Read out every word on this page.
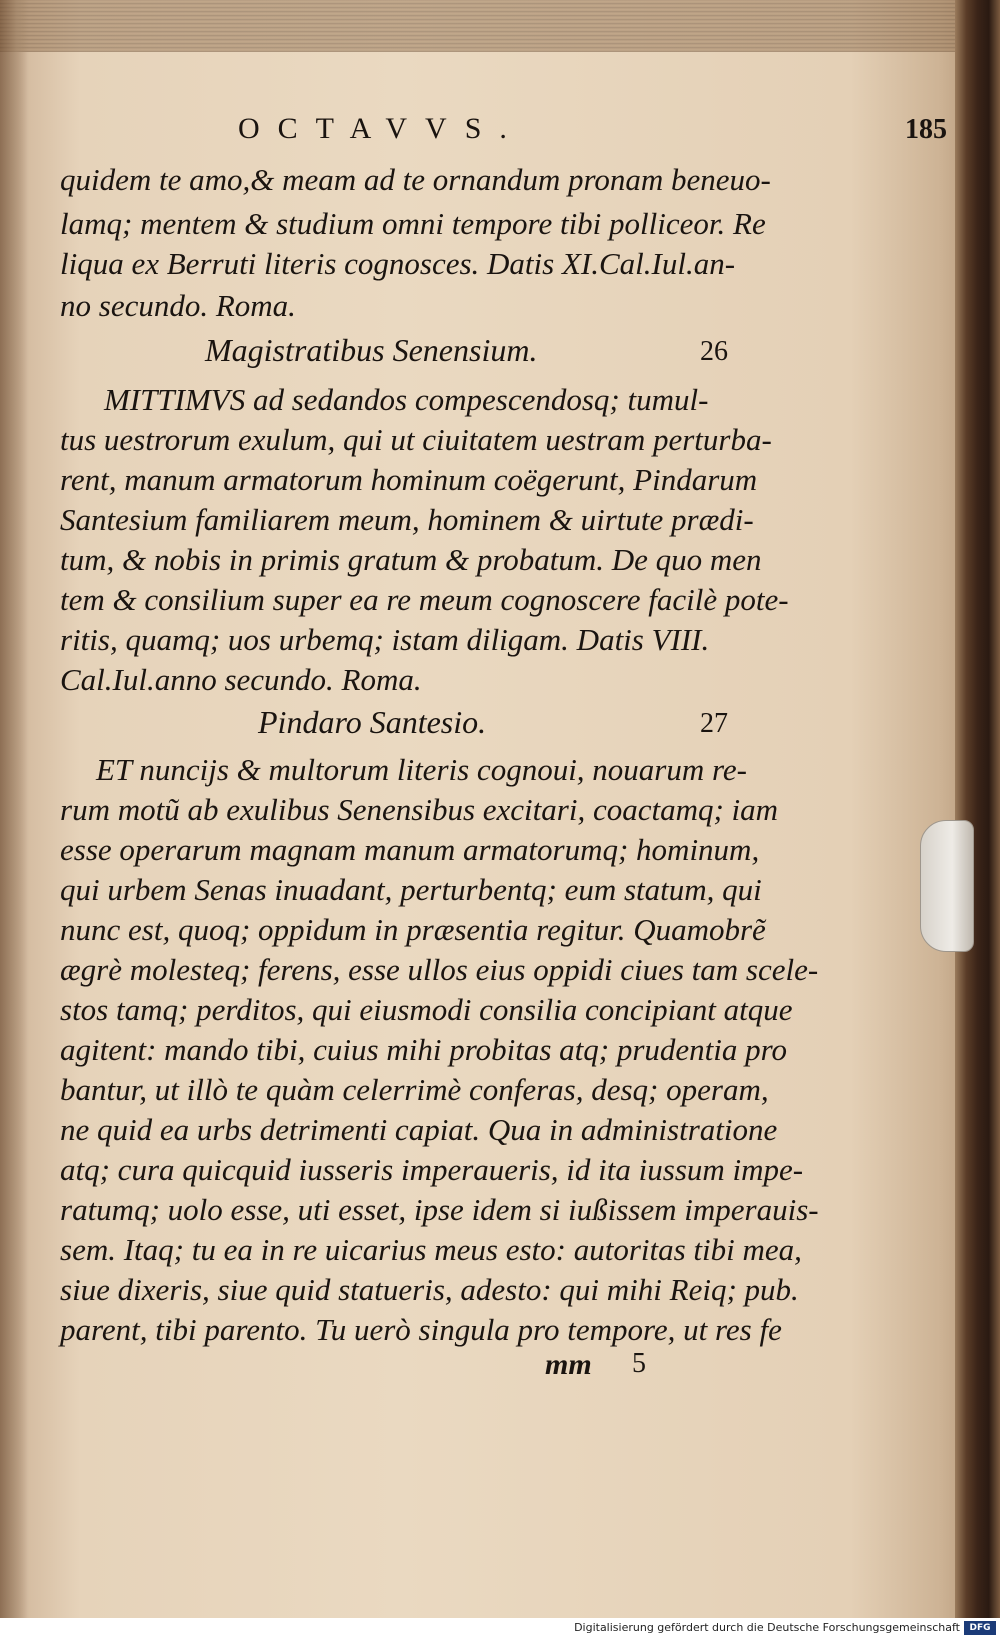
OCTAVVS.	185
quidem te amo,& meam ad te ornandum pronam beneuo-
lamq; mentem & studium omni tempore tibi polliceor. Re
liqua ex Berruti literis cognosces. Datis XI.Cal.Iul.an-
no secundo. Roma.
Magistratibus Senensium.	26
MITTIMVS ad sedandos compescendosq; tumul-
tus uestrorum exulum, qui ut ciuitatem uestram perturba-
rent, manum armatorum hominum coëgerunt, Pindarum
Santesium familiarem meum, hominem & uirtute prædi-
tum, & nobis in primis gratum & probatum. De quo men
tem & consilium super ea re meum cognoscere facilè pote-
ritis, quamq; uos urbemq; istam diligam. Datis VIII.
Cal.Iul.anno secundo. Roma.
Pindaro Santesio.	27
ET nuncijs & multorum literis cognoui, nouarum re-
rum motũ ab exulibus Senensibus excitari, coactamq; iam
esse operarum magnam manum armatorumq; hominum,
qui urbem Senas inuadant, perturbentq; eum statum, qui
nunc est, quoq; oppidum in præsentia regitur. Quamobrẽ
ægrè molesteq; ferens, esse ullos eius oppidi ciues tam scele-
stos tamq; perditos, qui eiusmodi consilia concipiant atque
agitent: mando tibi, cuius mihi probitas atq; prudentia pro
bantur, ut illò te quàm celerrimè conferas, desq; operam,
ne quid ea urbs detrimenti capiat. Qua in administratione
atq; cura quicquid iusseris imperaueris, id ita iussum impe-
ratumq; uolo esse, uti esset, ipse idem si iußissem imperauis-
sem. Itaq; tu ea in re uicarius meus esto: autoritas tibi mea,
siue dixeris, siue quid statueris, adesto: qui mihi Reiq; pub.
parent, tibi parento. Tu uerò singula pro tempore, ut res fe
mm 5
Digitalisierung gefördert durch die Deutsche Forschungsgemeinschaft	DFG
